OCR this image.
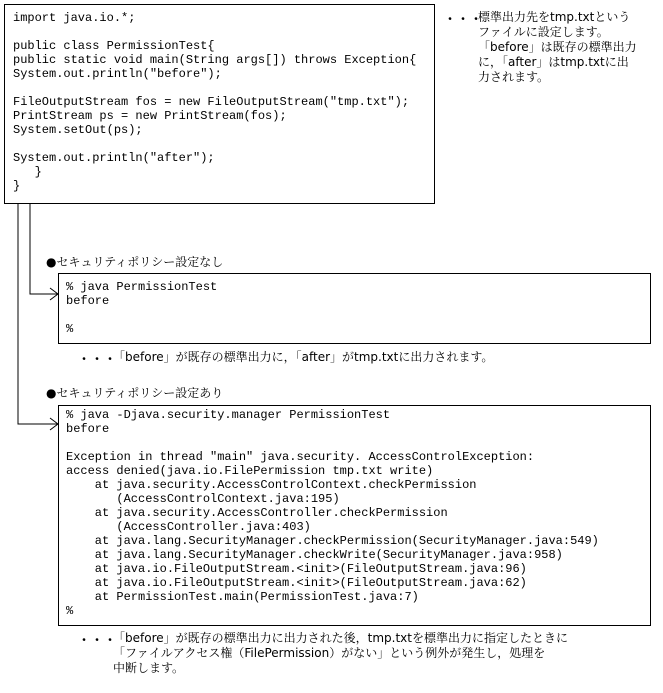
import java.io.*;
public class PermissionTest{
public static void main(String args[]) throws Exception{
System.out.println("before");
FileOutputStream fos = new FileOutputStream("tmp.txt");
PrintStream ps = new PrintStream(fos);
System.setOut(ps);
System.out.println("after");
}
}
・・・
標準出力先をtmp.txtという
ファイルに設定します。
「before」は既存の標準出力
に，「after」はtmp.txtに出
力されます。
●セキュリティポリシー設定なし
% java PermissionTest
before
%
・・・
「before」が既存の標準出力に，「after」がtmp.txtに出力されます。
●セキュリティポリシー設定あり
% java -Djava.security.manager PermissionTest
before
Exception in thread "main" java.security. AccessControlException:
access denied(java.io.FilePermission tmp.txt write)
at java.security.AccessControlContext.checkPermission
(AccessControlContext.java:195)
at java.security.AccessController.checkPermission
(AccessController.java:403)
at java.lang.SecurityManager.checkPermission(SecurityManager.java:549)
at java.lang.SecurityManager.checkWrite(SecurityManager.java:958)
at java.io.FileOutputStream.<init>(FileOutputStream.java:96)
at java.io.FileOutputStream.<init>(FileOutputStream.java:62)
at PermissionTest.main(PermissionTest.java:7)
%
・・・
「before」が既存の標準出力に出力された後，tmp.txtを標準出力に指定したときに
「ファイルアクセス権（FilePermission）がない」という例外が発生し，処理を
中断します。
